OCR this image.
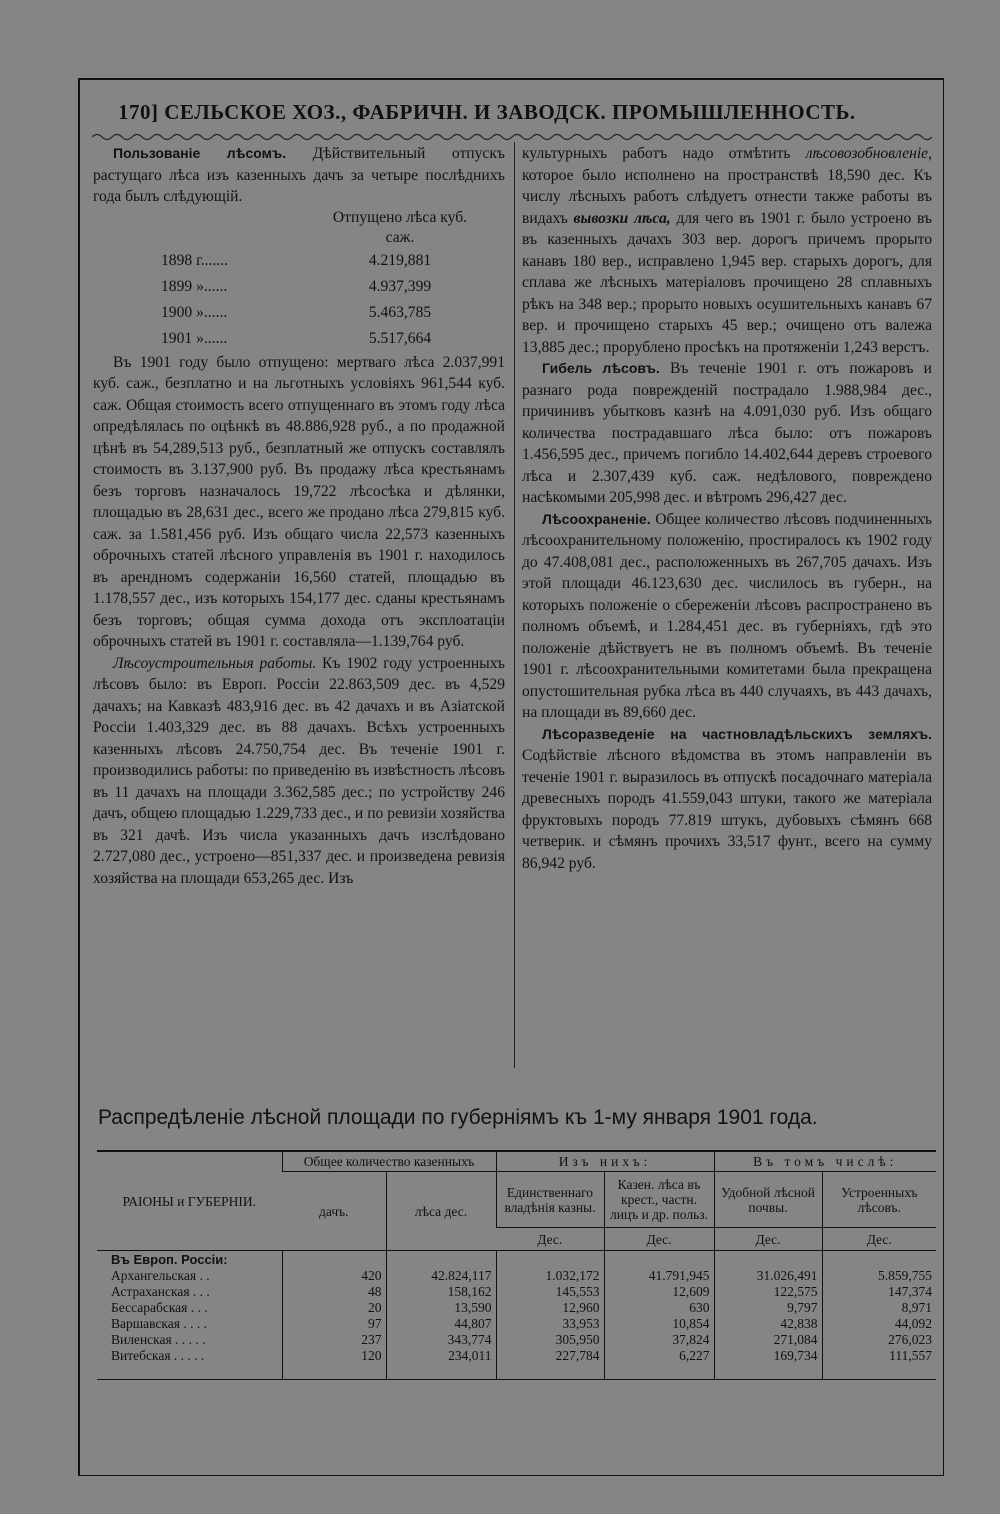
170] СЕЛЬСКОЕ ХОЗ., ФАБРИЧН. И ЗАВОДСК. ПРОМЫШЛЕННОСТЬ.

Пользованіе лѣсомъ. Дѣйствительный отпускъ растущаго лѣса изъ казенныхъ дачъ за четыре послѣднихъ года былъ слѣдующій.

Отпущено лѣса куб. саж.
1898 г.......	4.219,881
1899 »......	4.937,399
1900 »......	5.463,785
1901 »......	5.517,664

Въ 1901 году было отпущено: мертваго лѣса 2.037,991 куб. саж., безплатно и на льготныхъ условіяхъ 961,544 куб. саж. Общая стоимость всего отпущеннаго въ этомъ году лѣса опредѣлялась по оцѣнкѣ въ 48.886,928 руб., а по продажной цѣнѣ въ 54,289,513 руб., безплатный же отпускъ составлялъ стоимость въ 3.137,900 руб. Въ продажу лѣса крестьянамъ безъ торговъ назначалось 19,722 лѣсосѣка и дѣлянки, площадью въ 28,631 дес., всего же продано лѣса 279,815 куб. саж. за 1.581,456 руб. Изъ общаго числа 22,573 казенныхъ оброчныхъ статей лѣсного управленія въ 1901 г. находилось въ арендномъ содержаніи 16,560 статей, площадью въ 1.178,557 дес., изъ которыхъ 154,177 дес. сданы крестьянамъ безъ торговъ; общая сумма дохода отъ эксплоатаціи оброчныхъ статей въ 1901 г. составляла—1.139,764 руб.

Лѣсоустроительныя работы. Къ 1902 году устроенныхъ лѣсовъ было: въ Европ. Россіи 22.863,509 дес. въ 4,529 дачахъ; на Кавказѣ 483,916 дес. въ 42 дачахъ и въ Азіатской Россіи 1.403,329 дес. въ 88 дачахъ. Всѣхъ устроенныхъ казенныхъ лѣсовъ 24.750,754 дес. Въ теченіе 1901 г. производились работы: по приведенію въ извѣстность лѣсовъ въ 11 дачахъ на площади 3.362,585 дес.; по устройству 246 дачъ, общею площадью 1.229,733 дес., и по ревизіи хозяйства въ 321 дачѣ. Изъ числа указанныхъ дачъ изслѣдовано 2.727,080 дес., устроено—851,337 дес. и произведена ревизія хозяйства на площади 653,265 дес. Изъ

культурныхъ работъ надо отмѣтить лѣсовозобновленіе, которое было исполнено на пространствѣ 18,590 дес. Къ числу лѣсныхъ работъ слѣдуетъ отнести также работы въ видахъ вывозки лѣса, для чего въ 1901 г. было устроено въ въ казенныхъ дачахъ 303 вер. дорогъ причемъ прорыто канавъ 180 вер., исправлено 1,945 вер. старыхъ дорогъ, для сплава же лѣсныхъ матеріаловъ прочищено 28 сплавныхъ рѣкъ на 348 вер.; прорыто новыхъ осушительныхъ канавъ 67 вер. и прочищено старыхъ 45 вер.; очищено отъ валежа 13,885 дес.; прорублено просѣкъ на протяженіи 1,243 верстъ.

Гибель лѣсовъ. Въ теченіе 1901 г. отъ пожаровъ и разнаго рода поврежденій пострадало 1.988,984 дес., причинивъ убытковъ казнѣ на 4.091,030 руб. Изъ общаго количества пострадавшаго лѣса было: отъ пожаровъ 1.456,595 дес., причемъ погибло 14.402,644 деревъ строевого лѣса и 2.307,439 куб. саж. недѣлового, повреждено насѣкомыми 205,998 дес. и вѣтромъ 296,427 дес.

Лѣсоохраненіе. Общее количество лѣсовъ подчиненныхъ лѣсоохранительному положенію, простиралось къ 1902 году до 47.408,081 дес., расположенныхъ въ 267,705 дачахъ. Изъ этой площади 46.123,630 дес. числилось въ губерн., на которыхъ положеніе о сбереженіи лѣсовъ распространено въ полномъ объемѣ, и 1.284,451 дес. въ губерніяхъ, гдѣ это положеніе дѣйствуетъ не въ полномъ объемѣ. Въ теченіе 1901 г. лѣсоохранительными комитетами была прекращена опустошительная рубка лѣса въ 440 случаяхъ, въ 443 дачахъ, на площади въ 89,660 дес.

Лѣсоразведеніе на частновладѣльскихъ земляхъ. Содѣйствіе лѣсного вѣдомства въ этомъ направленіи въ теченіе 1901 г. выразилось въ отпускѣ посадочнаго матеріала древесныхъ породъ 41.559,043 штуки, такого же матеріала фруктовыхъ породъ 77.819 штукъ, дубовыхъ сѣмянъ 668 четверик. и сѣмянъ прочихъ 33,517 фунт., всего на сумму 86,942 руб.

Распредѣленіе лѣсной площади по губерніямъ къ 1-му января 1901 года.
РАІОНЫ и ГУБЕРНІИ.	Общее количество казенныхъ		Изъ нихъ:		Въ томъ числѣ:	
	дачъ.	лѣса дес.	Единственнаго владѣнія казны.	Казен. лѣса въ крест., частн. лицъ и др. польз.	Удобной лѣсной почвы.	Устроенныхъ лѣсовъ.
			Дес.	Дес.	Дес.	Дес.
Въ Европ. Россіи:						
Архангельская . .	420	42.824,117	1.032,172	41.791,945	31.026,491	5.859,755
Астраханская . . .	48	158,162	145,553	12,609	122,575	147,374
Бессарабская . . .	20	13,590	12,960	630	9,797	8,971
Варшавская . . . .	97	44,807	33,953	10,854	42,838	44,092
Виленская . . . . .	237	343,774	305,950	37,824	271,084	276,023
Витебская . . . . .	120	234,011	227,784	6,227	169,734	111,557
